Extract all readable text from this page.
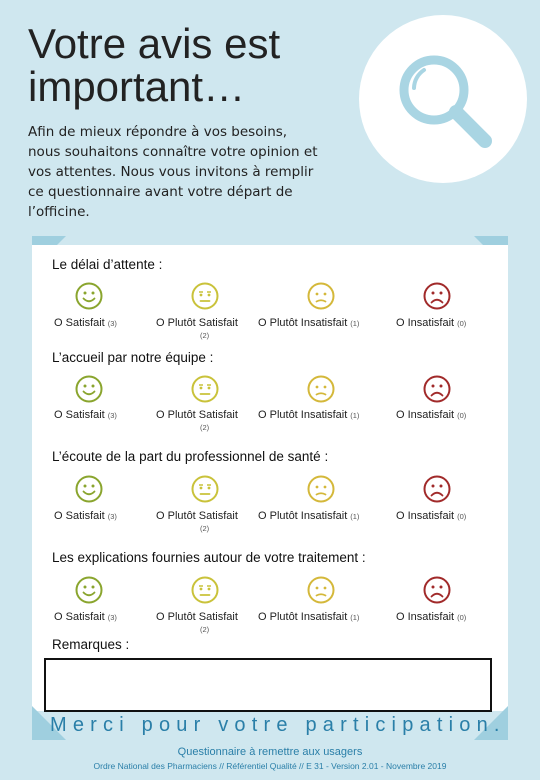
Votre avis est important…

Afin de mieux répondre à vos besoins, nous souhaitons connaître votre opinion et vos attentes. Nous vous invitons à remplir ce questionnaire avant votre départ de l’officine.

Le délai d’attente :
O Satisfait (3)	O Plutôt Satisfait
(2)
O Plutôt Insatisfait (1)	O Insatisfait (0)
L’accueil par notre équipe :
O Satisfait (3)	O Plutôt Satisfait
(2)
O Plutôt Insatisfait (1)	O Insatisfait (0)
L’écoute de la part du professionnel de santé :
O Satisfait (3)	O Plutôt Satisfait
(2)
O Plutôt Insatisfait (1)	O Insatisfait (0)
Les explications fournies autour de votre traitement :
O Satisfait (3)	O Plutôt Satisfait
(2)
O Plutôt Insatisfait (1)	O Insatisfait (0)
Remarques :
Merci pour votre participation.
Questionnaire à remettre aux usagers
Ordre National des Pharmaciens // Référentiel Qualité // E 31 - Version 2.01 - Novembre 2019
